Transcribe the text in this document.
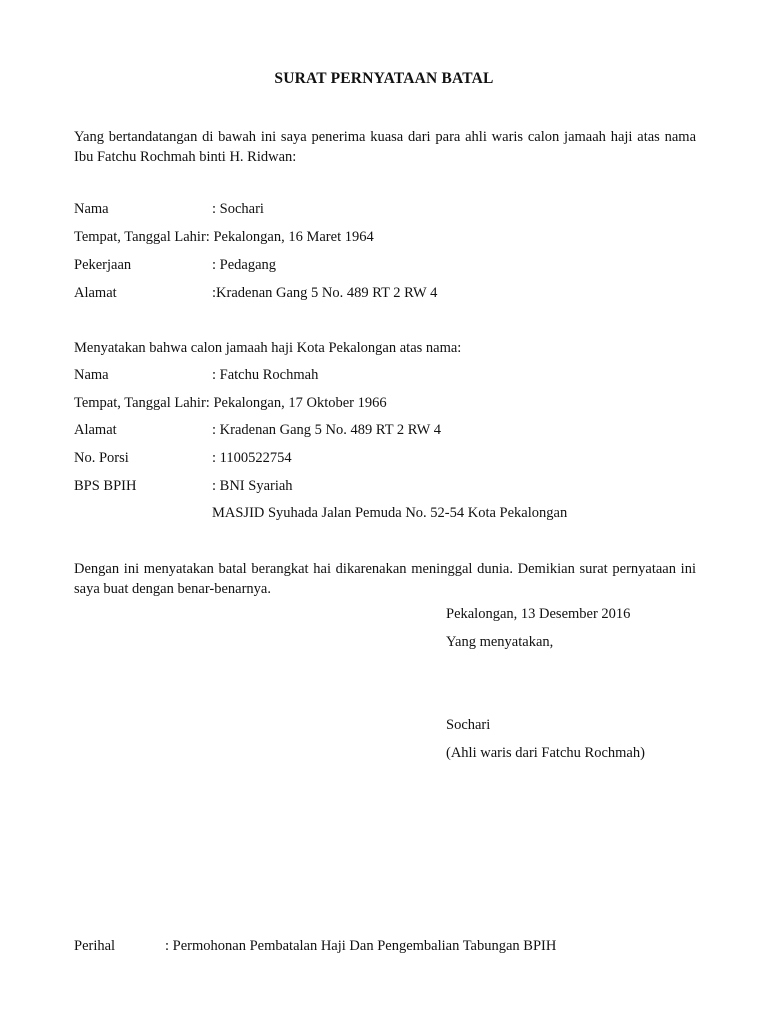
SURAT PERNYATAAN BATAL
Yang bertandatangan di bawah ini saya penerima kuasa dari para ahli waris calon jamaah haji atas nama Ibu Fatchu Rochmah binti H. Ridwan:
Nama	: Sochari
Tempat, Tanggal Lahir: Pekalongan, 16 Maret 1964
Pekerjaan	: Pedagang
Alamat	:Kradenan Gang 5 No. 489 RT 2 RW 4
Menyatakan bahwa calon jamaah haji Kota Pekalongan atas nama:
Nama	: Fatchu Rochmah
Tempat, Tanggal Lahir: Pekalongan, 17 Oktober 1966
Alamat	: Kradenan Gang 5 No. 489 RT 2 RW 4
No. Porsi	: 1100522754
BPS BPIH	: BNI Syariah
MASJID Syuhada Jalan Pemuda No. 52-54 Kota Pekalongan
Dengan ini menyatakan batal berangkat hai dikarenakan meninggal dunia. Demikian surat pernyataan ini saya buat dengan benar-benarnya.
Pekalongan, 13 Desember 2016
Yang menyatakan,
Sochari
(Ahli waris dari Fatchu Rochmah)
Perihal	: Permohonan Pembatalan Haji Dan Pengembalian Tabungan BPIH
